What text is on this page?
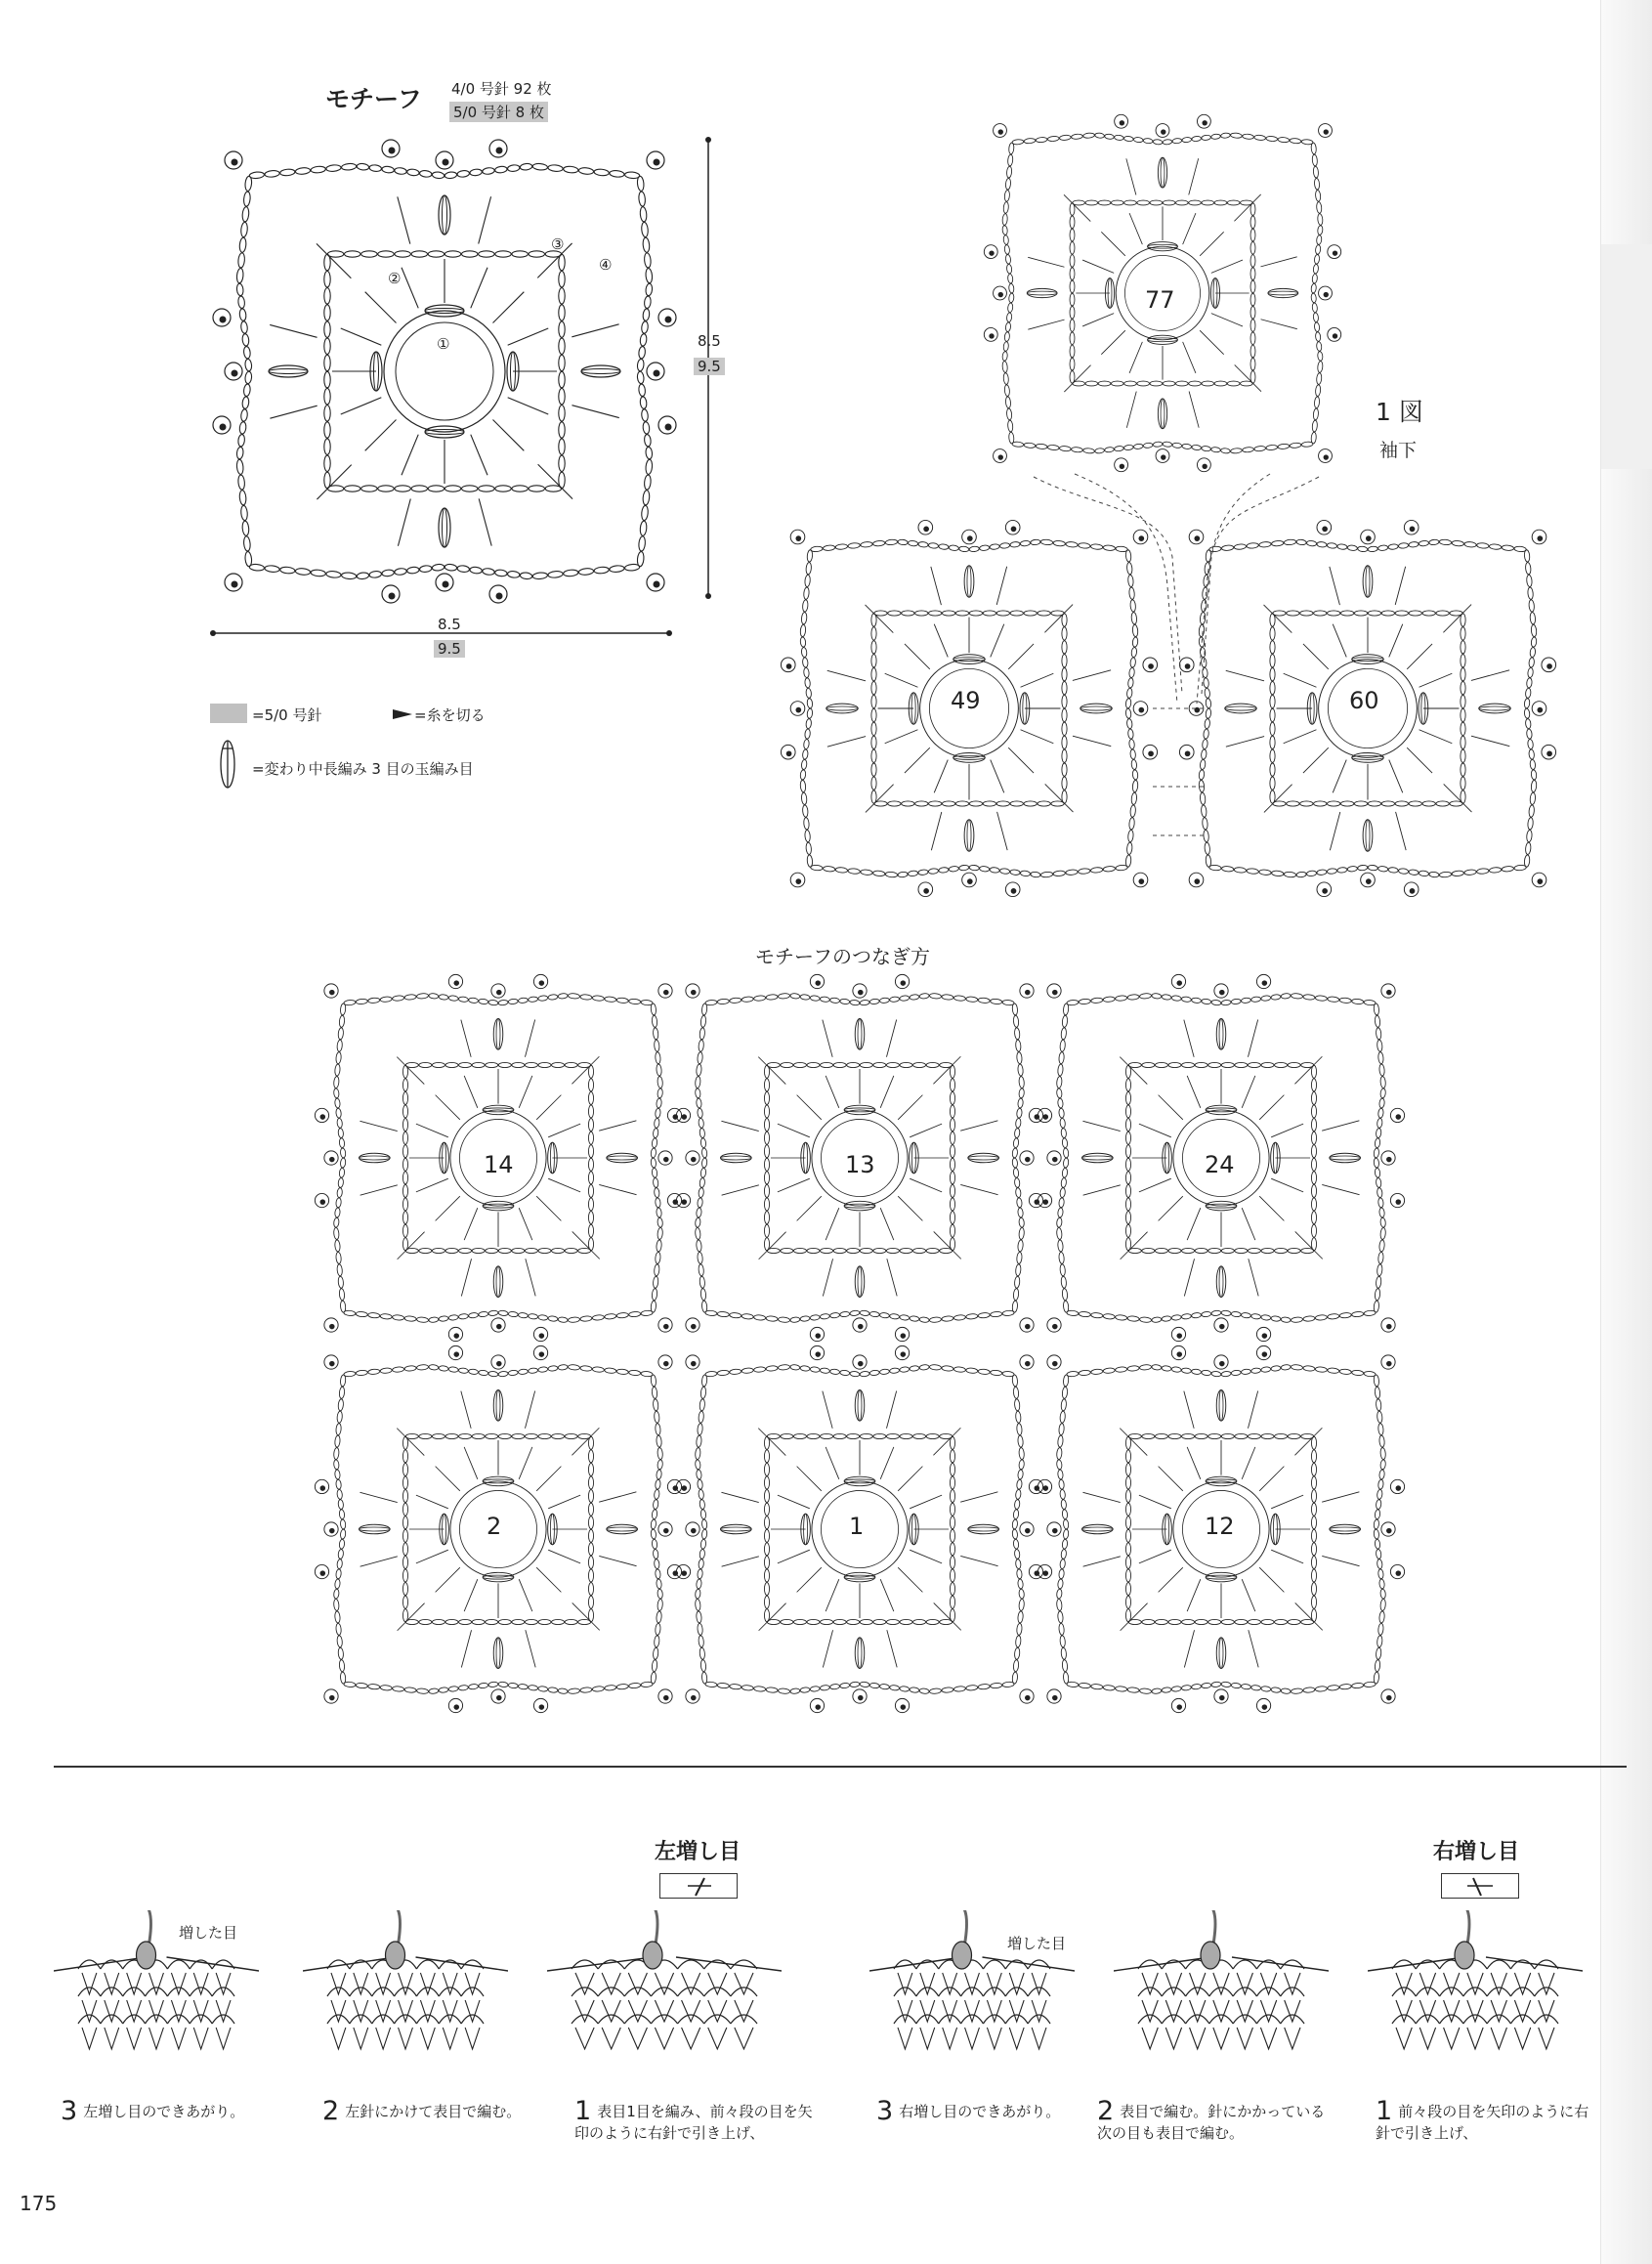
モチーフ 4/0 号針 92 枚
5/0 号針 8 枚
②
①
③
④
8.5
9.5
8.5
9.5
=5/0 号針	=糸を切る
=変わり中長編み 3 目の玉編み目
1 図
袖下
77
49	60
モチーフのつなぎ方
14	13	24
2	1	12
左増し目	右増し目
増した目
増した目
3 左増し目のできあがり。	2 左針にかけて表目で編む。	1 表目1目を編み、前々段の目を矢印のように右針で引き上げ、
3 右増し目のできあがり。	2 表目で編む。針にかかっている次の目も表目で編む。
1 前々段の目を矢印のように右針で引き上げ、
175
